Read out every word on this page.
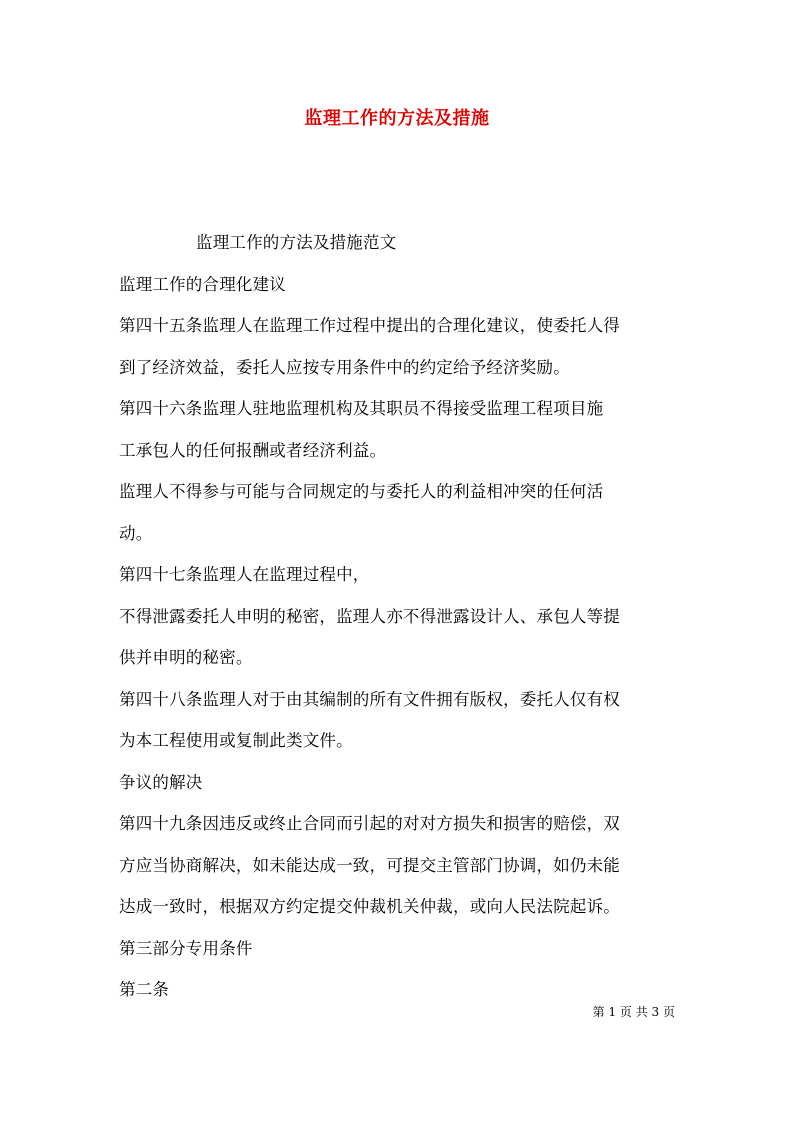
监理工作的方法及措施
监理工作的方法及措施范文
监理工作的合理化建议
第四十五条监理人在监理工作过程中提出的合理化建议，使委托人得
到了经济效益，委托人应按专用条件中的约定给予经济奖励。
第四十六条监理人驻地监理机构及其职员不得接受监理工程项目施
工承包人的任何报酬或者经济利益。
监理人不得参与可能与合同规定的与委托人的利益相冲突的任何活
动。
第四十七条监理人在监理过程中，
不得泄露委托人申明的秘密，监理人亦不得泄露设计人、承包人等提
供并申明的秘密。
第四十八条监理人对于由其编制的所有文件拥有版权，委托人仅有权
为本工程使用或复制此类文件。
争议的解决
第四十九条因违反或终止合同而引起的对对方损失和损害的赔偿，双
方应当协商解决，如未能达成一致，可提交主管部门协调，如仍未能
达成一致时，根据双方约定提交仲裁机关仲裁，或向人民法院起诉。
第三部分专用条件
第二条
第 1 页 共 3 页
